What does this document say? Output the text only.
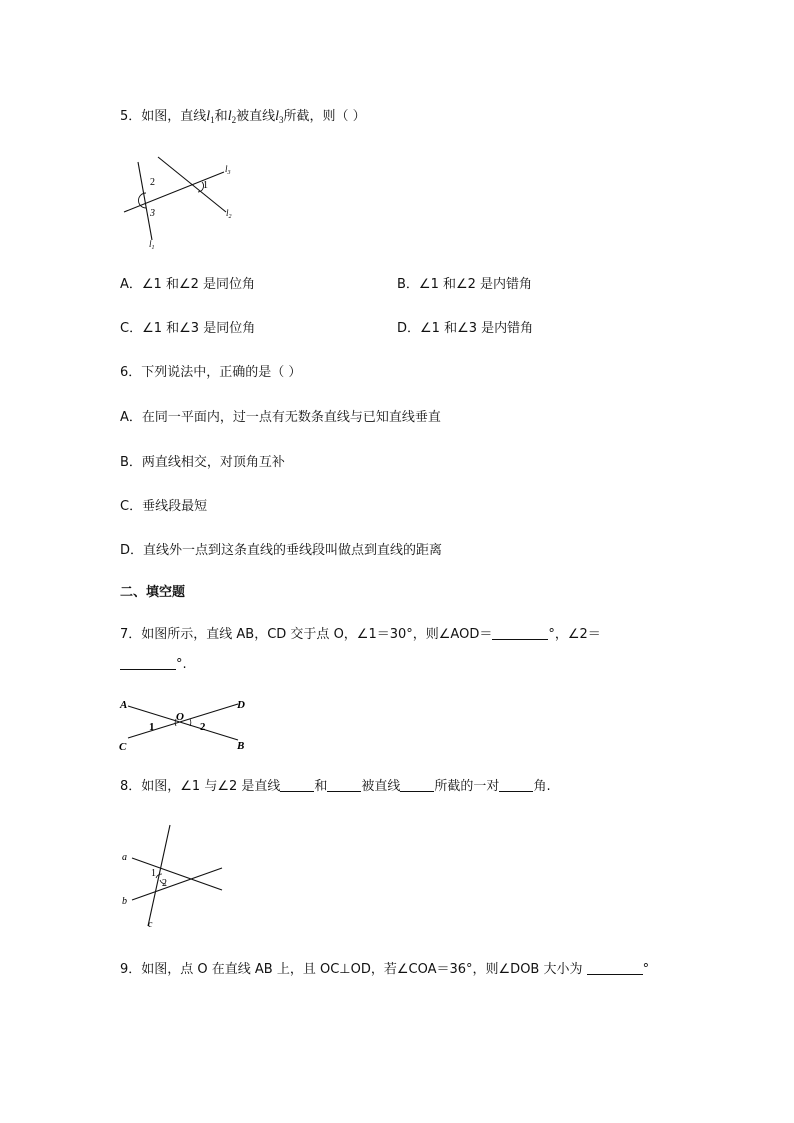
5．如图，直线$l_1$和$l_2$被直线$l_3$所截，则（ ）
2
3
1
$l_3$
$l_2$
$l_1$
A．∠1 和∠2 是同位角	B．∠1 和∠2 是内错角
C．∠1 和∠3 是同位角	D．∠1 和∠3 是内错角
6．下列说法中，正确的是（ ）
A．在同一平面内，过一点有无数条直线与已知直线垂直
B．两直线相交，对顶角互补
C．垂线段最短
D．直线外一点到这条直线的垂线段叫做点到直线的距离
二、填空题
7．如图所示，直线 AB，CD 交于点 O，∠1＝30°，则∠AOD＝	°，∠2＝
°.
A	D
C	B
O
1	2
8．如图，∠1 与∠2 是直线	和	被直线	所截的一对	角.
a
b
c
1
2
9．如图，点 O 在直线 AB 上，且 OC⊥OD，若∠COA＝36°，则∠DOB 大小为	°
